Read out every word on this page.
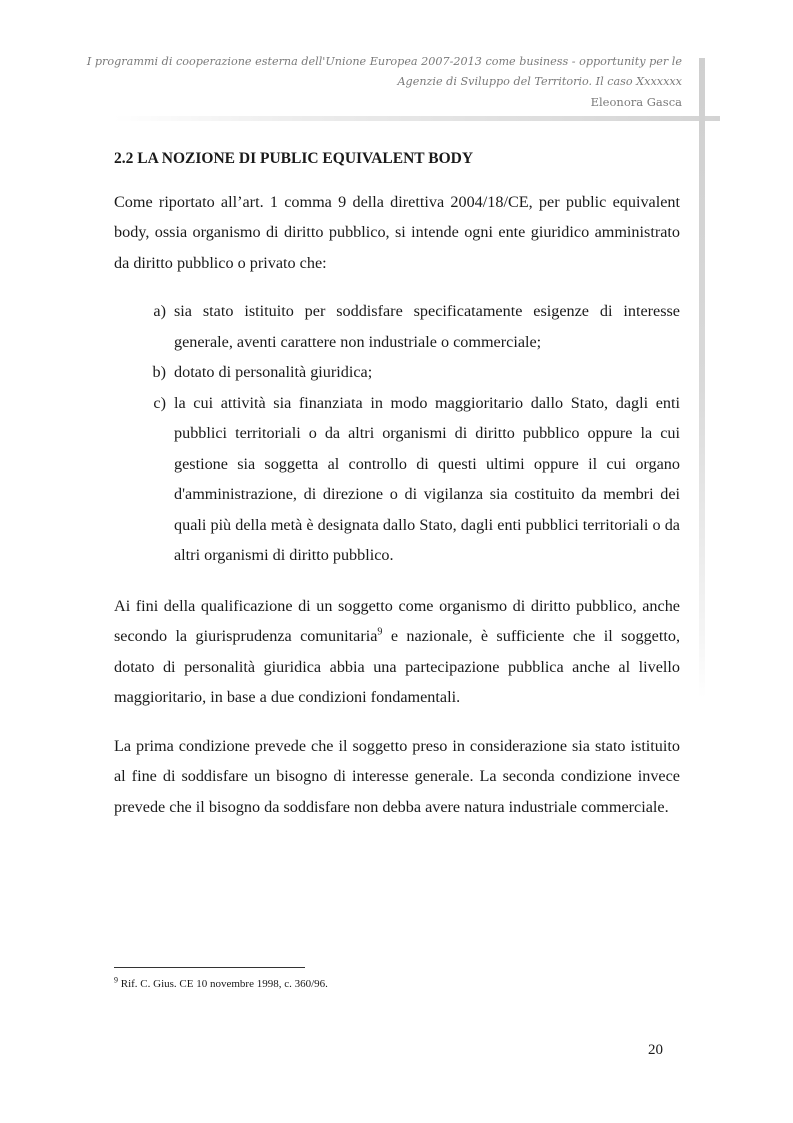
I programmi di cooperazione esterna dell'Unione Europea 2007-2013 come business - opportunity per le Agenzie di Sviluppo del Territorio. Il caso Xxxxxxx
Eleonora Gasca
2.2 LA NOZIONE DI PUBLIC EQUIVALENT BODY

Come riportato all’art. 1 comma 9 della direttiva 2004/18/CE, per public equivalent body, ossia organismo di diritto pubblico, si intende ogni ente giuridico amministrato da diritto pubblico o privato che:

a) sia stato istituito per soddisfare specificatamente esigenze di interesse generale, aventi carattere non industriale o commerciale;
b) dotato di personalità giuridica;
c) la cui attività sia finanziata in modo maggioritario dallo Stato, dagli enti pubblici territoriali o da altri organismi di diritto pubblico oppure la cui gestione sia soggetta al controllo di questi ultimi oppure il cui organo d'amministrazione, di direzione o di vigilanza sia costituito da membri dei quali più della metà è designata dallo Stato, dagli enti pubblici territoriali o da altri organismi di diritto pubblico.

Ai fini della qualificazione di un soggetto come organismo di diritto pubblico, anche secondo la giurisprudenza comunitaria$^9$ e nazionale, è sufficiente che il soggetto, dotato di personalità giuridica abbia una partecipazione pubblica anche al livello maggioritario, in base a due condizioni fondamentali.

La prima condizione prevede che il soggetto preso in considerazione sia stato istituito al fine di soddisfare un bisogno di interesse generale. La seconda condizione invece prevede che il bisogno da soddisfare non debba avere natura industriale commerciale.

$^9$ Rif. C. Gius. CE 10 novembre 1998, c. 360/96.
20
